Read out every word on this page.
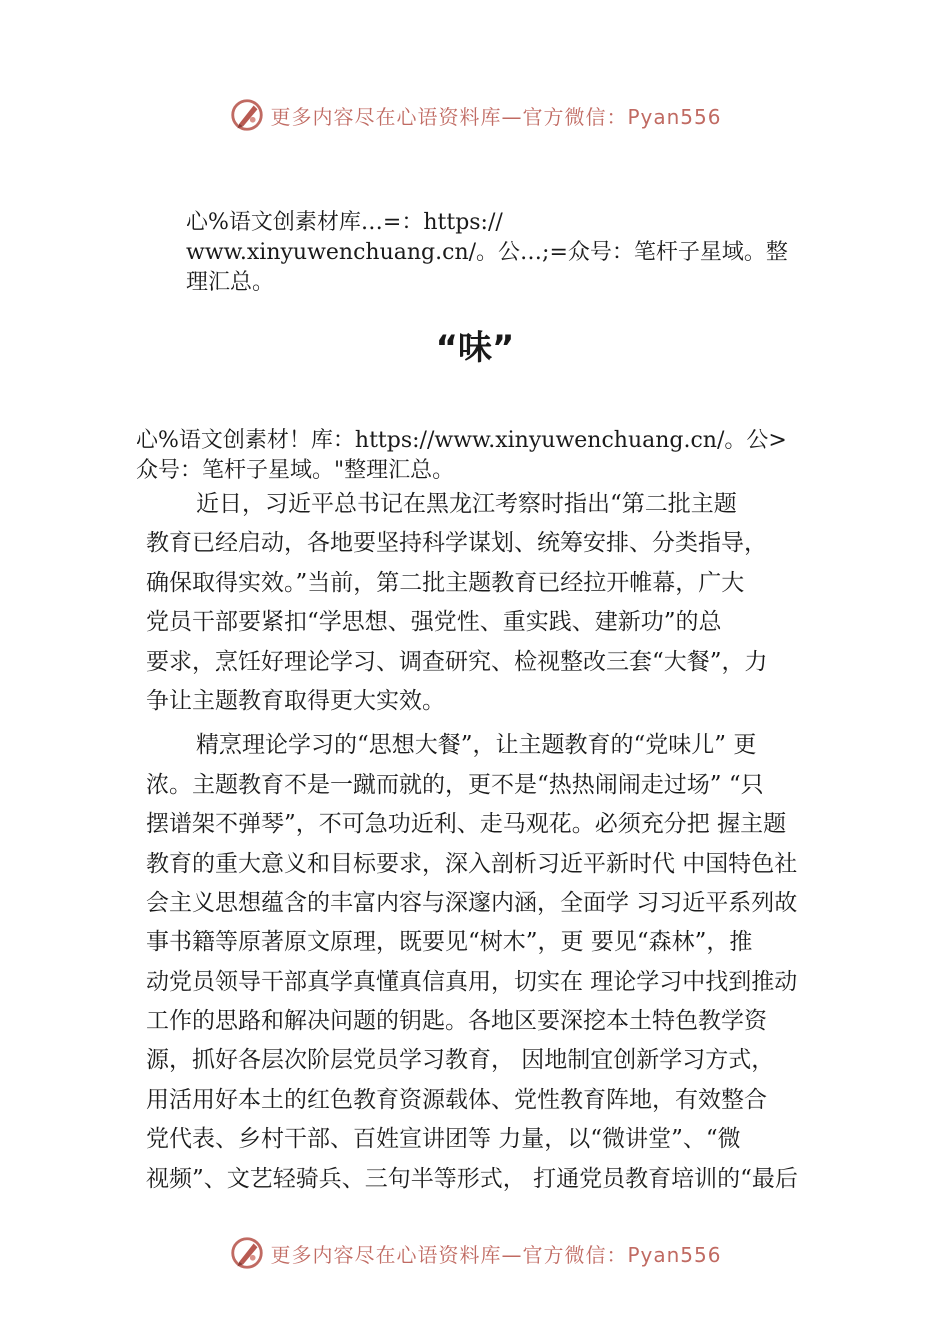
更多内容尽在心语资料库—官方微信：Pyan556
心%语文创素材库…=：https://
www.xinyuwenchuang.cn/。公…;=众号：笔杆子星域。整
理汇总。
“味”
心%语文创素材！库：https://www.xinyuwenchuang.cn/。公>
众号：笔杆子星域。"整理汇总。
近日，习近平总书记在黑龙江考察时指出“第二批主题
教育已经启动，各地要坚持科学谋划、统筹安排、分类指导，
确保取得实效。”当前，第二批主题教育已经拉开帷幕，广大
党员干部要紧扣“学思想、强党性、重实践、建新功”的总
要求，烹饪好理论学习、调查研究、检视整改三套“大餐”，力
争让主题教育取得更大实效。
精烹理论学习的“思想大餐”，让主题教育的“党味儿” 更
浓。主题教育不是一蹴而就的，更不是“热热闹闹走过场” “只
摆谱架不弹琴”，不可急功近利、走马观花。必须充分把 握主题
教育的重大意义和目标要求，深入剖析习近平新时代 中国特色社
会主义思想蕴含的丰富内容与深邃内涵，全面学 习习近平系列故
事书籍等原著原文原理，既要见“树木”，更 要见“森林”，推
动党员领导干部真学真懂真信真用，切实在 理论学习中找到推动
工作的思路和解决问题的钥匙。各地区要深挖本土特色教学资
源，抓好各层次阶层党员学习教育， 因地制宜创新学习方式，
用活用好本土的红色教育资源载体、党性教育阵地，有效整合
党代表、乡村干部、百姓宣讲团等 力量，以“微讲堂”、“微
视频”、文艺轻骑兵、三句半等形式， 打通党员教育培训的“最后
更多内容尽在心语资料库—官方微信：Pyan556
